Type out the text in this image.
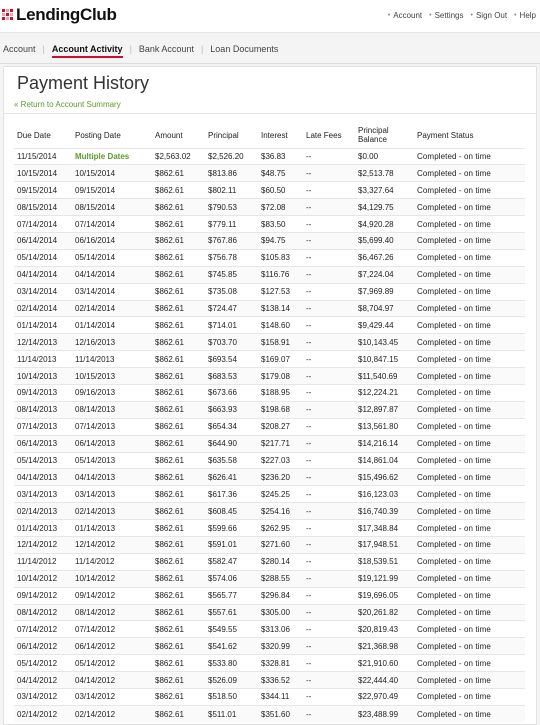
LendingClub	• Account • Settings • Sign Out • Help
Account | Account Activity | Bank Account | Loan Documents
Payment History
« Return to Account Summary
Due Date	Posting Date	Amount	Principal	Interest	Late Fees	Principal Balance	Payment Status
11/15/2014	Multiple Dates	$2,563.02	$2,526.20	$36.83	--	$0.00	Completed - on time
10/15/2014	10/15/2014	$862.61	$813.86	$48.75	--	$2,513.78	Completed - on time
09/15/2014	09/15/2014	$862.61	$802.11	$60.50	--	$3,327.64	Completed - on time
08/15/2014	08/15/2014	$862.61	$790.53	$72.08	--	$4,129.75	Completed - on time
07/14/2014	07/14/2014	$862.61	$779.11	$83.50	--	$4,920.28	Completed - on time
06/14/2014	06/16/2014	$862.61	$767.86	$94.75	--	$5,699.40	Completed - on time
05/14/2014	05/14/2014	$862.61	$756.78	$105.83	--	$6,467.26	Completed - on time
04/14/2014	04/14/2014	$862.61	$745.85	$116.76	--	$7,224.04	Completed - on time
03/14/2014	03/14/2014	$862.61	$735.08	$127.53	--	$7,969.89	Completed - on time
02/14/2014	02/14/2014	$862.61	$724.47	$138.14	--	$8,704.97	Completed - on time
01/14/2014	01/14/2014	$862.61	$714.01	$148.60	--	$9,429.44	Completed - on time
12/14/2013	12/16/2013	$862.61	$703.70	$158.91	--	$10,143.45	Completed - on time
11/14/2013	11/14/2013	$862.61	$693.54	$169.07	--	$10,847.15	Completed - on time
10/14/2013	10/15/2013	$862.61	$683.53	$179.08	--	$11,540.69	Completed - on time
09/14/2013	09/16/2013	$862.61	$673.66	$188.95	--	$12,224.21	Completed - on time
08/14/2013	08/14/2013	$862.61	$663.93	$198.68	--	$12,897.87	Completed - on time
07/14/2013	07/14/2013	$862.61	$654.34	$208.27	--	$13,561.80	Completed - on time
06/14/2013	06/14/2013	$862.61	$644.90	$217.71	--	$14,216.14	Completed - on time
05/14/2013	05/14/2013	$862.61	$635.58	$227.03	--	$14,861.04	Completed - on time
04/14/2013	04/14/2013	$862.61	$626.41	$236.20	--	$15,496.62	Completed - on time
03/14/2013	03/14/2013	$862.61	$617.36	$245.25	--	$16,123.03	Completed - on time
02/14/2013	02/14/2013	$862.61	$608.45	$254.16	--	$16,740.39	Completed - on time
01/14/2013	01/14/2013	$862.61	$599.66	$262.95	--	$17,348.84	Completed - on time
12/14/2012	12/14/2012	$862.61	$591.01	$271.60	--	$17,948.51	Completed - on time
11/14/2012	11/14/2012	$862.61	$582.47	$280.14	--	$18,539.51	Completed - on time
10/14/2012	10/14/2012	$862.61	$574.06	$288.55	--	$19,121.99	Completed - on time
09/14/2012	09/14/2012	$862.61	$565.77	$296.84	--	$19,696.05	Completed - on time
08/14/2012	08/14/2012	$862.61	$557.61	$305.00	--	$20,261.82	Completed - on time
07/14/2012	07/14/2012	$862.61	$549.55	$313.06	--	$20,819.43	Completed - on time
06/14/2012	06/14/2012	$862.61	$541.62	$320.99	--	$21,368.98	Completed - on time
05/14/2012	05/14/2012	$862.61	$533.80	$328.81	--	$21,910.60	Completed - on time
04/14/2012	04/14/2012	$862.61	$526.09	$336.52	--	$22,444.40	Completed - on time
03/14/2012	03/14/2012	$862.61	$518.50	$344.11	--	$22,970.49	Completed - on time
02/14/2012	02/14/2012	$862.61	$511.01	$351.60	--	$23,488.99	Completed - on time
